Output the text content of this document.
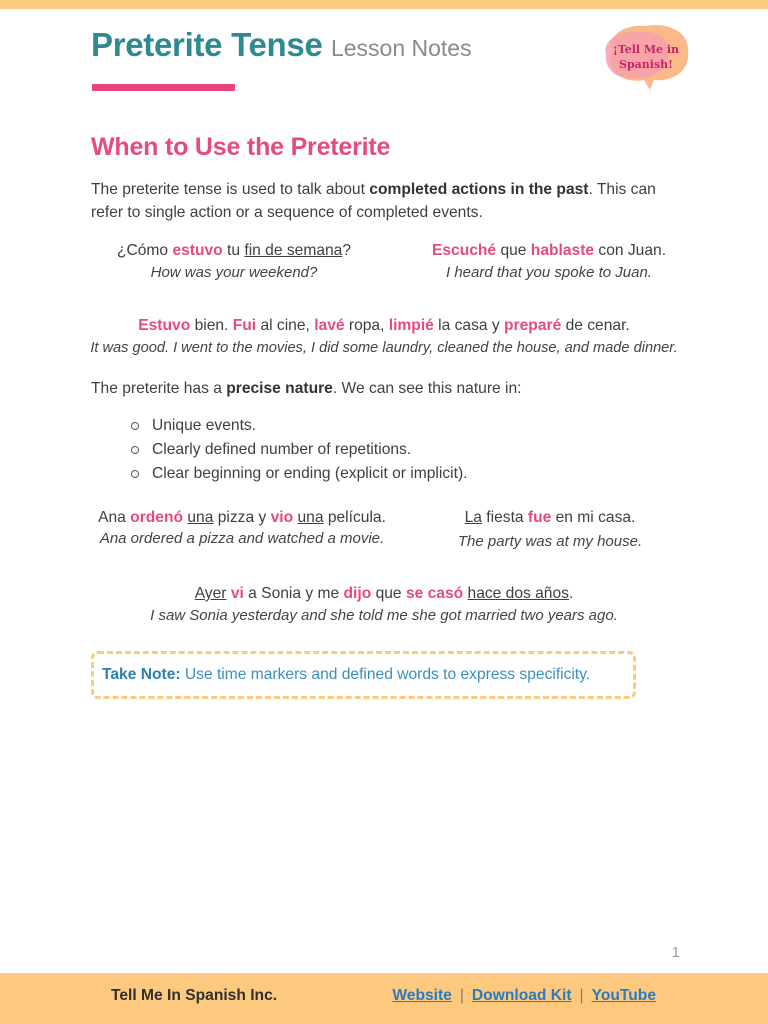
Preterite Tense Lesson Notes	¡Tell Me in
Spanish!
When to Use the Preterite

The preterite tense is used to talk about completed actions in the past. This can refer to single action or a sequence of completed events.

¿Cómo estuvo tu fin de semana?
How was your weekend?
Escuché que hablaste con Juan.
I heard that you spoke to Juan.
Estuvo bien. Fui al cine, lavé ropa, limpié la casa y preparé de cenar.
It was good. I went to the movies, I did some laundry, cleaned the house, and made dinner.

The preterite has a precise nature. We can see this nature in:

Unique events.
Clearly defined number of repetitions.
Clear beginning or ending (explicit or implicit).
Ana ordenó una pizza y vio una película.
Ana ordered a pizza and watched a movie.
La fiesta fue en mi casa.
The party was at my house.
Ayer vi a Sonia y me dijo que se casó hace dos años.
I saw Sonia yesterday and she told me she got married two years ago.
Take Note: Use time markers and defined words to express specificity.
1
Tell Me In Spanish Inc.	Website | Download Kit | YouTube
